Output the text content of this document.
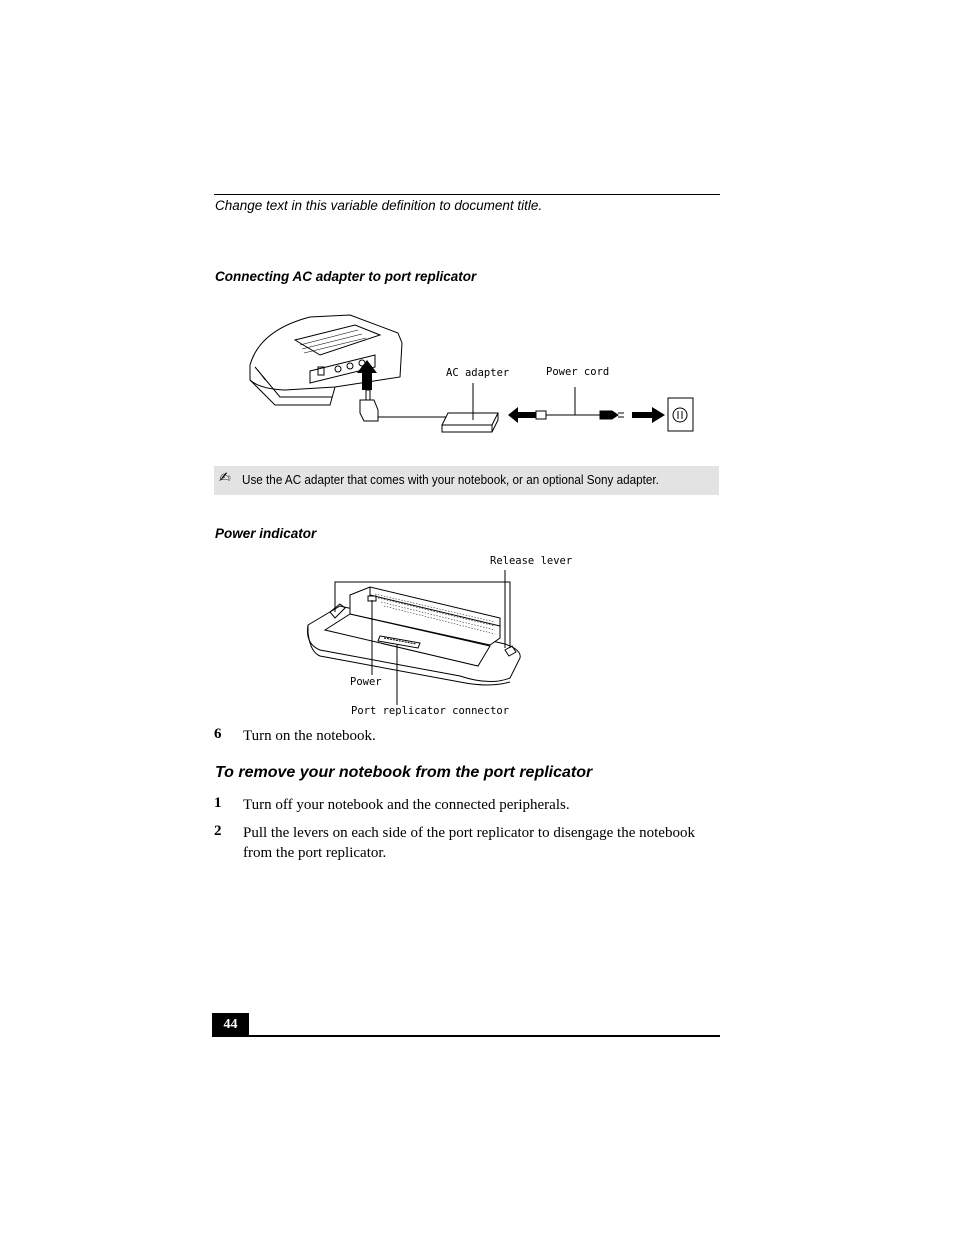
Change text in this variable definition to document title.
Connecting AC adapter to port replicator
AC adapter	Power cord
✍ Use the AC adapter that comes with your notebook, or an optional Sony adapter.
Power indicator
Release lever
Power
Port replicator connector
6 Turn on the notebook.
To remove your notebook from the port replicator
1 Turn off your notebook and the connected peripherals.
2 Pull the levers on each side of the port replicator to disengage the notebook from the port replicator.
44
